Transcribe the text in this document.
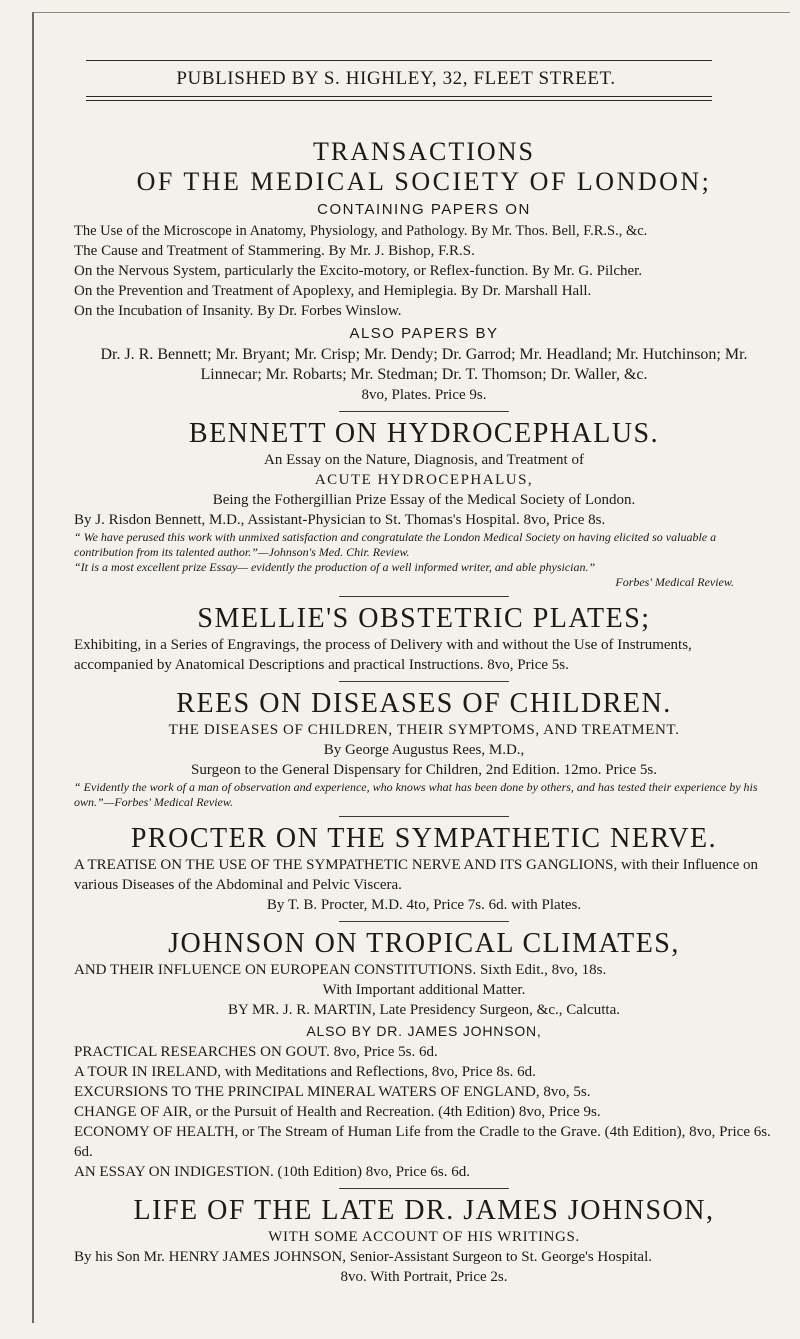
PUBLISHED BY S. HIGHLEY, 32, FLEET STREET.
TRANSACTIONS
OF THE MEDICAL SOCIETY OF LONDON;
CONTAINING PAPERS ON
The Use of the Microscope in Anatomy, Physiology, and Pathology. By Mr. Thos. Bell, F.R.S., &c.
The Cause and Treatment of Stammering. By Mr. J. Bishop, F.R.S.
On the Nervous System, particularly the Excito-motory, or Reflex-function. By Mr. G. Pilcher.
On the Prevention and Treatment of Apoplexy, and Hemiplegia. By Dr. Marshall Hall.
On the Incubation of Insanity. By Dr. Forbes Winslow.
ALSO PAPERS BY
Dr. J. R. Bennett; Mr. Bryant; Mr. Crisp; Mr. Dendy; Dr. Garrod; Mr. Headland; Mr. Hutchinson; Mr. Linnecar; Mr. Robarts; Mr. Stedman; Dr. T. Thomson; Dr. Waller, &c.
8vo, Plates. Price 9s.
BENNETT ON HYDROCEPHALUS.
An Essay on the Nature, Diagnosis, and Treatment of
ACUTE HYDROCEPHALUS,
Being the Fothergillian Prize Essay of the Medical Society of London.
By J. Risdon Bennett, M.D., Assistant-Physician to St. Thomas's Hospital. 8vo, Price 8s.
“ We have perused this work with unmixed satisfaction and congratulate the London Medical Society on having elicited so valuable a contribution from its talented author.”—Johnson's Med. Chir. Review.
“It is a most excellent prize Essay— evidently the production of a well informed writer, and able physician.”
Forbes' Medical Review.
SMELLIE'S OBSTETRIC PLATES;
Exhibiting, in a Series of Engravings, the process of Delivery with and without the Use of Instruments, accompanied by Anatomical Descriptions and practical Instructions. 8vo, Price 5s.
REES ON DISEASES OF CHILDREN.
THE DISEASES OF CHILDREN, THEIR SYMPTOMS, AND TREATMENT.
By George Augustus Rees, M.D.,
Surgeon to the General Dispensary for Children, 2nd Edition. 12mo. Price 5s.
“ Evidently the work of a man of observation and experience, who knows what has been done by others, and has tested their experience by his own.”—Forbes' Medical Review.
PROCTER ON THE SYMPATHETIC NERVE.
A TREATISE ON THE USE OF THE SYMPATHETIC NERVE AND ITS GANGLIONS, with their Influence on various Diseases of the Abdominal and Pelvic Viscera.
By T. B. Procter, M.D. 4to, Price 7s. 6d. with Plates.
JOHNSON ON TROPICAL CLIMATES,
AND THEIR INFLUENCE ON EUROPEAN CONSTITUTIONS. Sixth Edit., 8vo, 18s.
With Important additional Matter.
BY MR. J. R. MARTIN, Late Presidency Surgeon, &c., Calcutta.
ALSO BY DR. JAMES JOHNSON,
PRACTICAL RESEARCHES ON GOUT. 8vo, Price 5s. 6d.
A TOUR IN IRELAND, with Meditations and Reflections, 8vo, Price 8s. 6d.
EXCURSIONS TO THE PRINCIPAL MINERAL WATERS OF ENGLAND, 8vo, 5s.
CHANGE OF AIR, or the Pursuit of Health and Recreation. (4th Edition) 8vo, Price 9s.
ECONOMY OF HEALTH, or The Stream of Human Life from the Cradle to the Grave. (4th Edition), 8vo, Price 6s. 6d.
AN ESSAY ON INDIGESTION. (10th Edition) 8vo, Price 6s. 6d.
LIFE OF THE LATE DR. JAMES JOHNSON,
WITH SOME ACCOUNT OF HIS WRITINGS.
By his Son Mr. HENRY JAMES JOHNSON, Senior-Assistant Surgeon to St. George's Hospital.
8vo. With Portrait, Price 2s.
